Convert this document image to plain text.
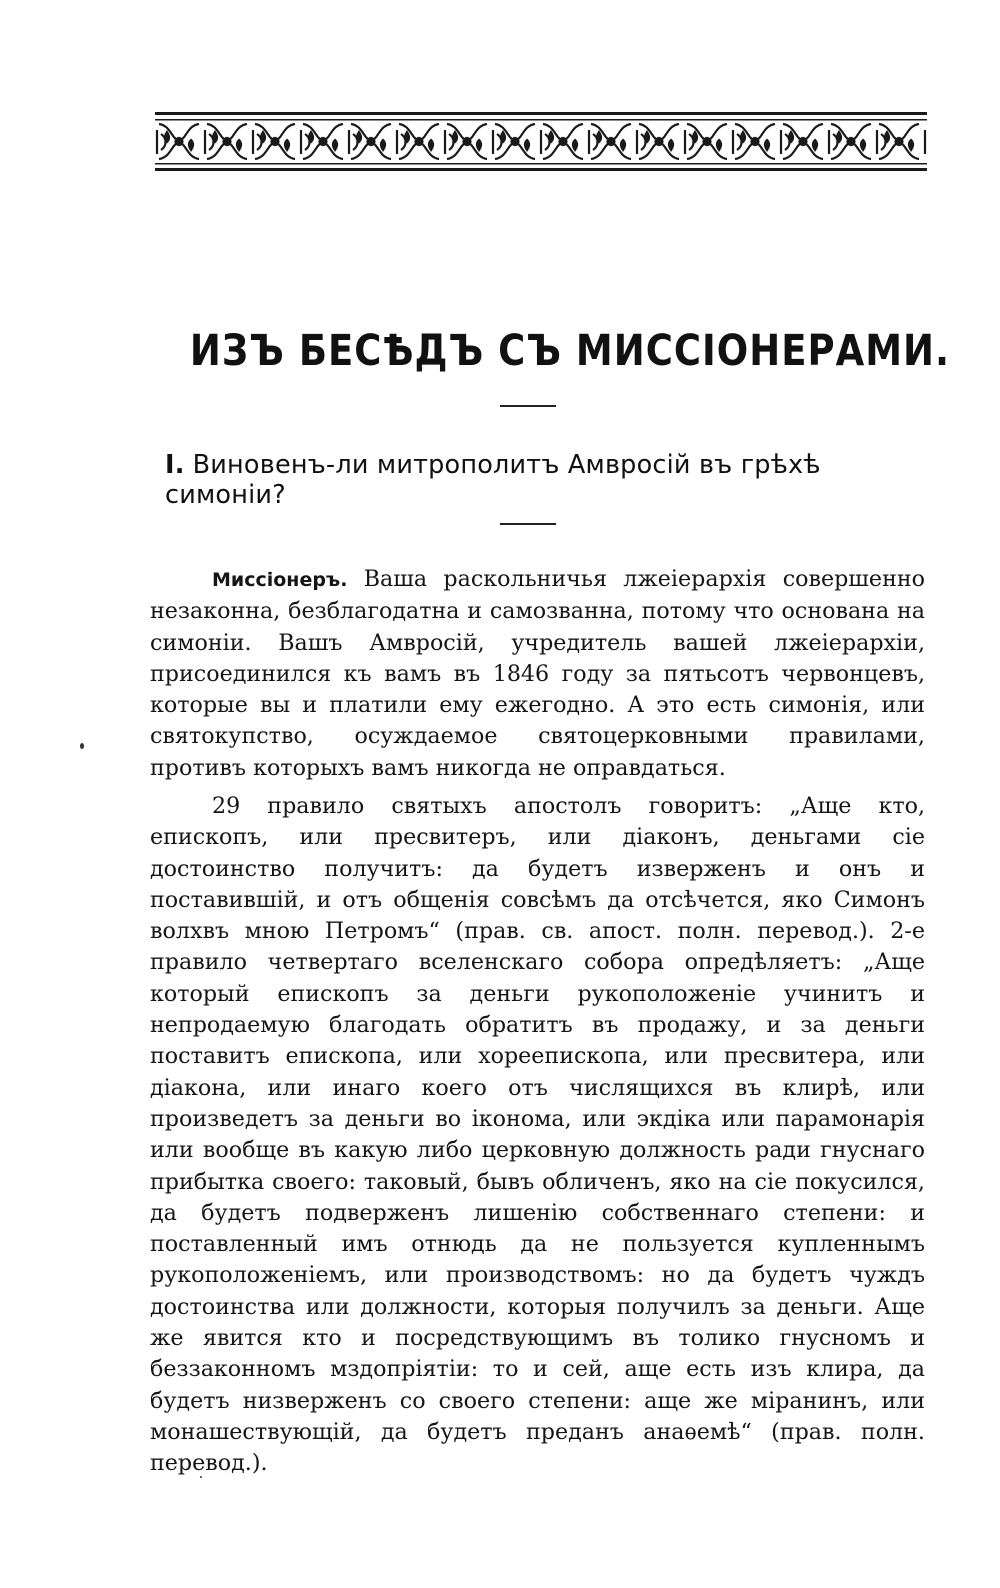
ИЗЪ БЕСѢДЪ СЪ МИССІОНЕРАМИ.
I. Виновенъ-ли митрополитъ Амвросій въ грѣхѣ симоніи?

Миссіонеръ. Ваша раскольничья лжеіерархія совершенно незаконна, безблагодатна и самозванна, потому что основана на симоніи. Вашъ Амвросій, учредитель вашей лжеіерархіи, присоединился къ вамъ въ 1846 году за пятьсотъ червонцевъ, которые вы и платили ему ежегодно. А это есть симонія, или святокупство, осуждаемое святоцерковными правилами, противъ которыхъ вамъ никогда не оправдаться.

29 правило святыхъ апостолъ говоритъ: „Аще кто, епископъ, или пресвитеръ, или діаконъ, деньгами сіе достоинство получитъ: да будетъ изверженъ и онъ и поставившій, и отъ общенія совсѣмъ да отсѣчется, яко Симонъ волхвъ мною Петромъ“ (прав. св. апост. полн. перевод.). 2-е правило четвертаго вселенскаго собора опредѣляетъ: „Аще который епископъ за деньги рукоположеніе учинитъ и непродаемую благодать обратитъ въ продажу, и за деньги поставитъ епископа, или хореепископа, или пресвитера, или діакона, или инаго коего отъ числящихся въ клирѣ, или произведетъ за деньги во іконома, или экдіка или парамонарія или вообще въ какую либо церковную должность ради гнуснаго прибытка своего: таковый, бывъ обличенъ, яко на сіе покусился, да будетъ подверженъ лишенію собственнаго степени: и поставленный имъ отнюдь да не пользуется купленнымъ рукоположеніемъ, или производствомъ: но да будетъ чуждъ достоинства или должности, которыя получилъ за деньги. Аще же явится кто и посредствующимъ въ толико гнусномъ и беззаконномъ мздопріятіи: то и сей, аще есть изъ клира, да будетъ низверженъ со своего степени: аще же міранинъ, или монашествующій, да будетъ преданъ анаѳемѣ“ (прав. полн. перевод.).
